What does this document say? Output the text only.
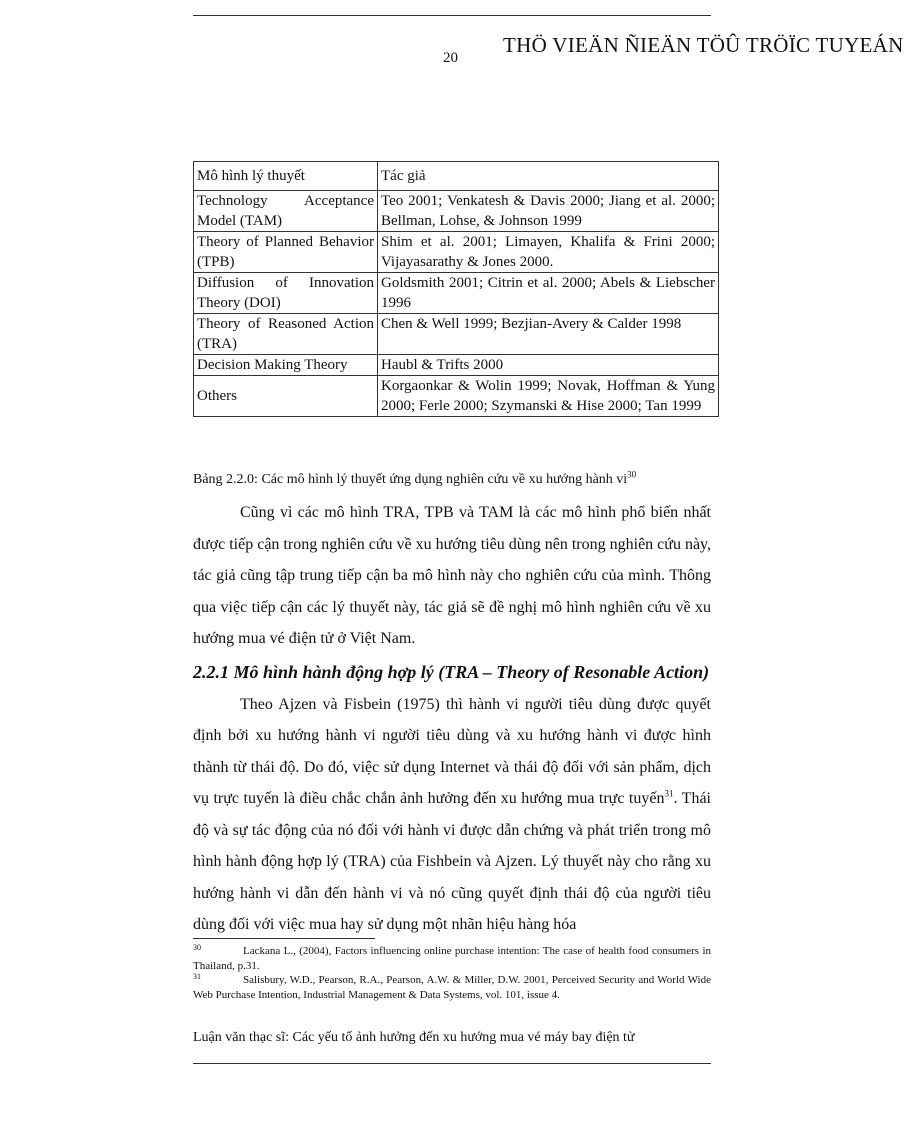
THÖ VIEÄN ÑIEÄN TÖÛ TRÖÏC TUYEÁN
20
Mô hình lý thuyết	Tác giả
Technology Acceptance Model (TAM)	Teo 2001; Venkatesh & Davis 2000; Jiang et al. 2000; Bellman, Lohse, & Johnson 1999
Theory of Planned Behavior (TPB)	Shim et al. 2001; Limayen, Khalifa & Frini 2000; Vijayasarathy & Jones 2000.
Diffusion of Innovation Theory (DOI)	Goldsmith 2001; Citrin et al. 2000; Abels & Liebscher 1996
Theory of Reasoned Action (TRA)	Chen & Well 1999; Bezjian-Avery & Calder 1998
Decision Making Theory	Haubl & Trifts 2000
Others	Korgaonkar & Wolin 1999; Novak, Hoffman & Yung 2000; Ferle 2000; Szymanski & Hise 2000; Tan 1999
Bảng 2.2.0: Các mô hình lý thuyết ứng dụng nghiên cứu về xu hướng hành $vi^{30}$

Cũng vì các mô hình TRA, TPB và TAM là các mô hình phổ biến nhất được tiếp cận trong nghiên cứu về xu hướng tiêu dùng nên trong nghiên cứu này, tác giả cũng tập trung tiếp cận ba mô hình này cho nghiên cứu của mình. Thông qua việc tiếp cận các lý thuyết này, tác giả sẽ đề nghị mô hình nghiên cứu về xu hướng mua vé điện tử ở Việt Nam.

2.2.1 Mô hình hành động hợp lý (TRA – Theory of Resonable Action)

Theo Ajzen và Fisbein (1975) thì hành vi người tiêu dùng được quyết định bởi xu hướng hành vi người tiêu dùng và xu hướng hành vi được hình thành từ thái độ. Do đó, việc sử dụng Internet và thái độ đối với sản phẩm, dịch vụ trực tuyến là điều chắc chắn ảnh hưởng đến xu hướng mua trực tuyến$^{31}$. Thái độ và sự tác động của nó đối với hành vi được dẫn chứng và phát triển trong mô hình hành động hợp lý (TRA) của Fishbein và Ajzen. Lý thuyết này cho rằng xu hướng hành vi dẫn đến hành vi và nó cũng quyết định thái độ của người tiêu dùng đối với việc mua hay sử dụng một nhãn hiệu hàng hóa

30	Lackana L., (2004), Factors influencing online purchase intention: The case of health food consumers in Thailand, p.31.

31	Salisbury, W.D., Pearson, R.A., Pearson, A.W. & Miller, D.W. 2001, Perceived Security and World Wide Web Purchase Intention, Industrial Management & Data Systems, vol. 101, issue 4.

Luận văn thạc sĩ: Các yếu tố ảnh hưởng đến xu hướng mua vé máy bay điện tử
